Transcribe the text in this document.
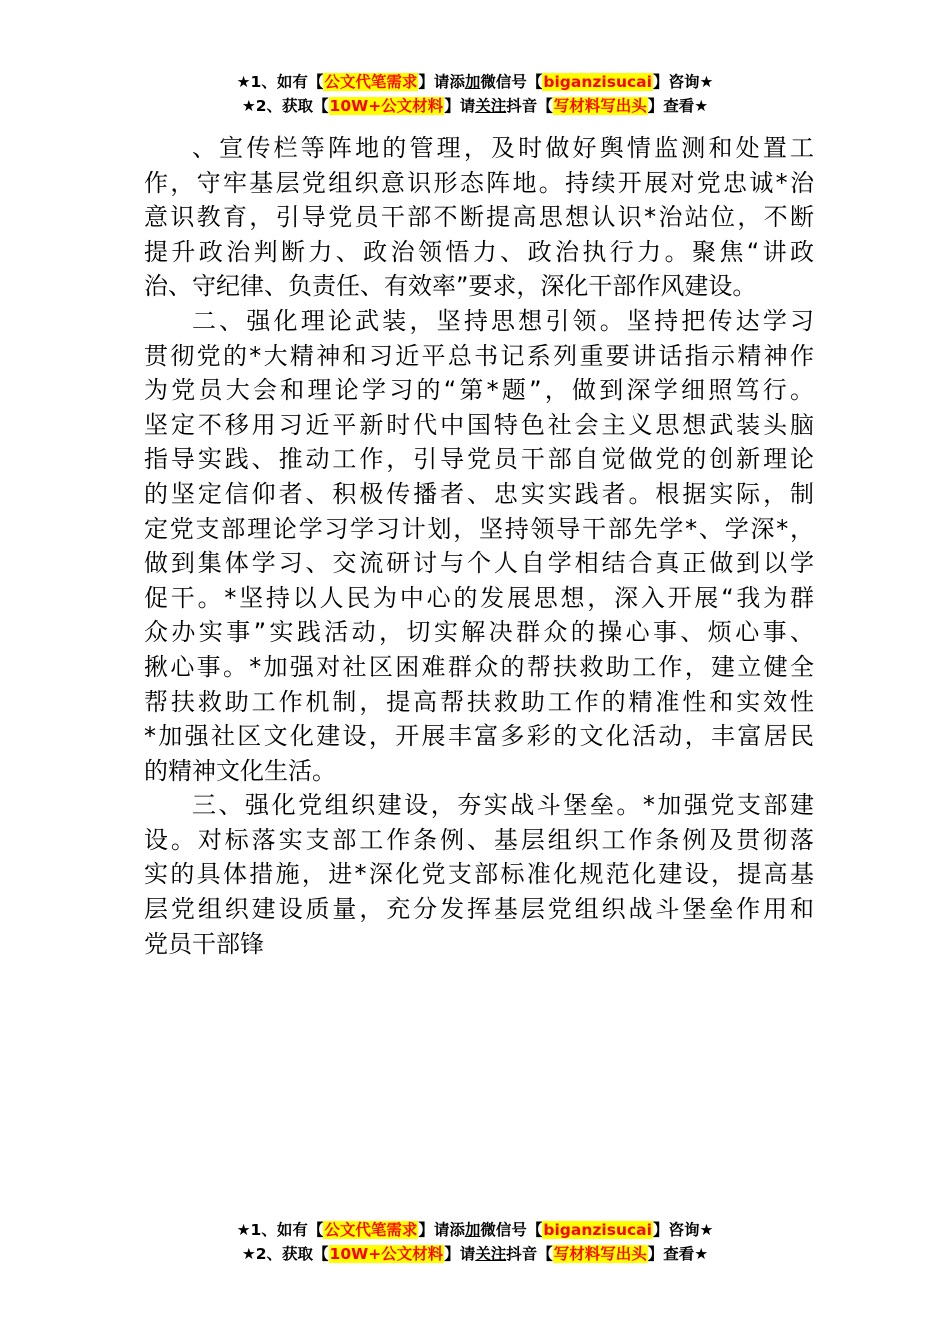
★1、如有【公文代笔需求】请添加微信号【biganzisucai】咨询★
★2、获取【10W+公文材料】请关注抖音【写材料写出头】查看★
、宣传栏等阵地的管理，及时做好舆情监测和处置工
作，守牢基层党组织意识形态阵地。持续开展对党忠诚*治
意识教育，引导党员干部不断提高思想认识*治站位，不断
提升政治判断力、政治领悟力、政治执行力。聚焦“讲政
治、守纪律、负责任、有效率”要求，深化干部作风建设。
二、强化理论武装，坚持思想引领。坚持把传达学习
贯彻党的*大精神和习近平总书记系列重要讲话指示精神作
为党员大会和理论学习的“第*题”，做到深学细照笃行。
坚定不移用习近平新时代中国特色社会主义思想武装头脑
指导实践、推动工作，引导党员干部自觉做党的创新理论
的坚定信仰者、积极传播者、忠实实践者。根据实际，制
定党支部理论学习学习计划，坚持领导干部先学*、学深*，
做到集体学习、交流研讨与个人自学相结合真正做到以学
促干。*坚持以人民为中心的发展思想，深入开展“我为群
众办实事”实践活动，切实解决群众的操心事、烦心事、
揪心事。*加强对社区困难群众的帮扶救助工作，建立健全
帮扶救助工作机制，提高帮扶救助工作的精准性和实效性
*加强社区文化建设，开展丰富多彩的文化活动，丰富居民
的精神文化生活。
三、强化党组织建设，夯实战斗堡垒。*加强党支部建
设。对标落实支部工作条例、基层组织工作条例及贯彻落
实的具体措施，进*深化党支部标准化规范化建设，提高基
层党组织建设质量，充分发挥基层党组织战斗堡垒作用和
党员干部锋
★1、如有【公文代笔需求】请添加微信号【biganzisucai】咨询★
★2、获取【10W+公文材料】请关注抖音【写材料写出头】查看★
